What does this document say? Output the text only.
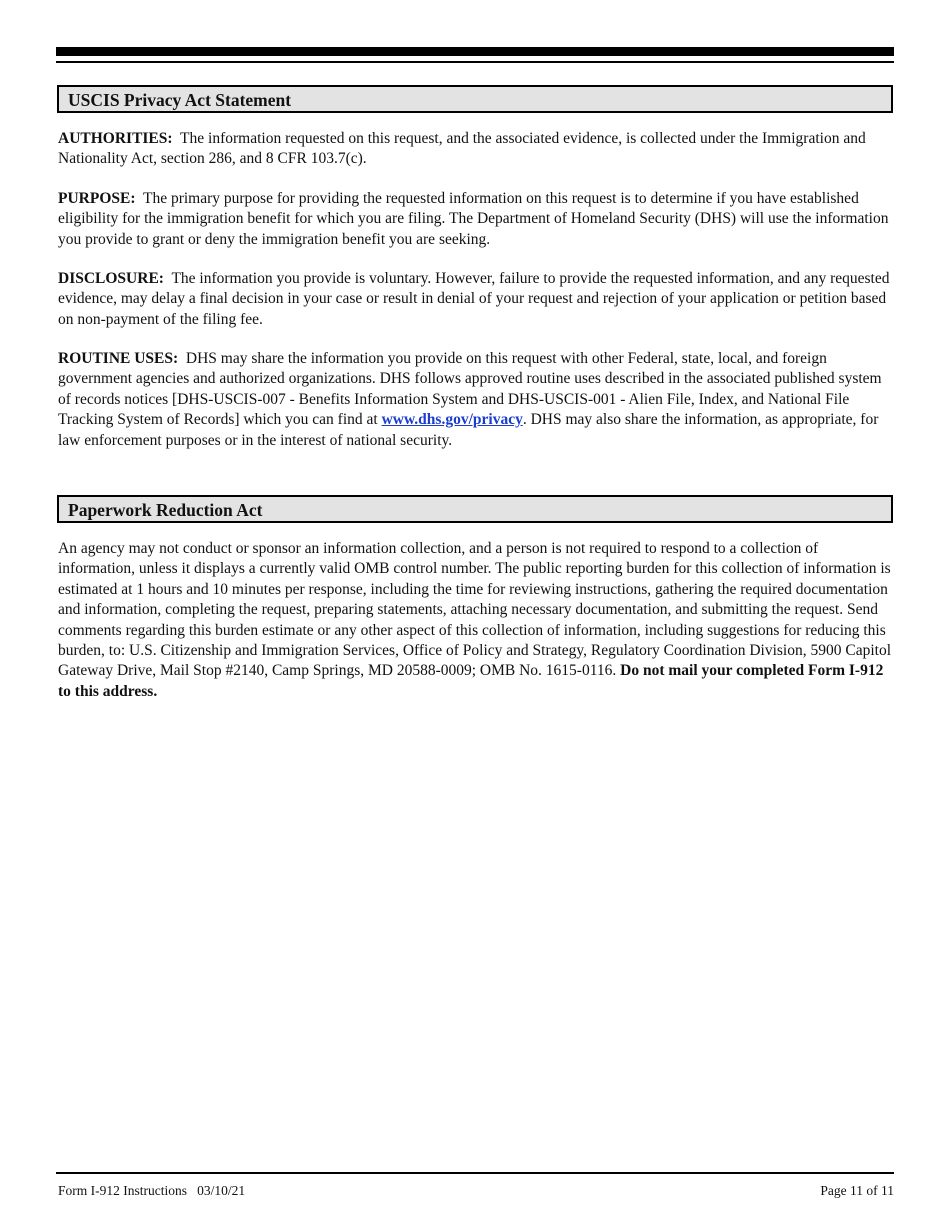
USCIS Privacy Act Statement

AUTHORITIES: The information requested on this request, and the associated evidence, is collected under the Immigration and Nationality Act, section 286, and 8 CFR 103.7(c).

PURPOSE: The primary purpose for providing the requested information on this request is to determine if you have established eligibility for the immigration benefit for which you are filing. The Department of Homeland Security (DHS) will use the information you provide to grant or deny the immigration benefit you are seeking.

DISCLOSURE: The information you provide is voluntary. However, failure to provide the requested information, and any requested evidence, may delay a final decision in your case or result in denial of your request and rejection of your application or petition based on non-payment of the filing fee.

ROUTINE USES: DHS may share the information you provide on this request with other Federal, state, local, and foreign government agencies and authorized organizations. DHS follows approved routine uses described in the associated published system of records notices [DHS-USCIS-007 - Benefits Information System and DHS-USCIS-001 - Alien File, Index, and National File Tracking System of Records] which you can find at www.dhs.gov/privacy. DHS may also share the information, as appropriate, for law enforcement purposes or in the interest of national security.

Paperwork Reduction Act

An agency may not conduct or sponsor an information collection, and a person is not required to respond to a collection of information, unless it displays a currently valid OMB control number. The public reporting burden for this collection of information is estimated at 1 hours and 10 minutes per response, including the time for reviewing instructions, gathering the required documentation and information, completing the request, preparing statements, attaching necessary documentation, and submitting the request. Send comments regarding this burden estimate or any other aspect of this collection of information, including suggestions for reducing this burden, to: U.S. Citizenship and Immigration Services, Office of Policy and Strategy, Regulatory Coordination Division, 5900 Capitol Gateway Drive, Mail Stop #2140, Camp Springs, MD 20588-0009; OMB No. 1615-0116. Do not mail your completed Form I-912 to this address.

Form I-912 Instructions   03/10/21	Page 11 of 11
